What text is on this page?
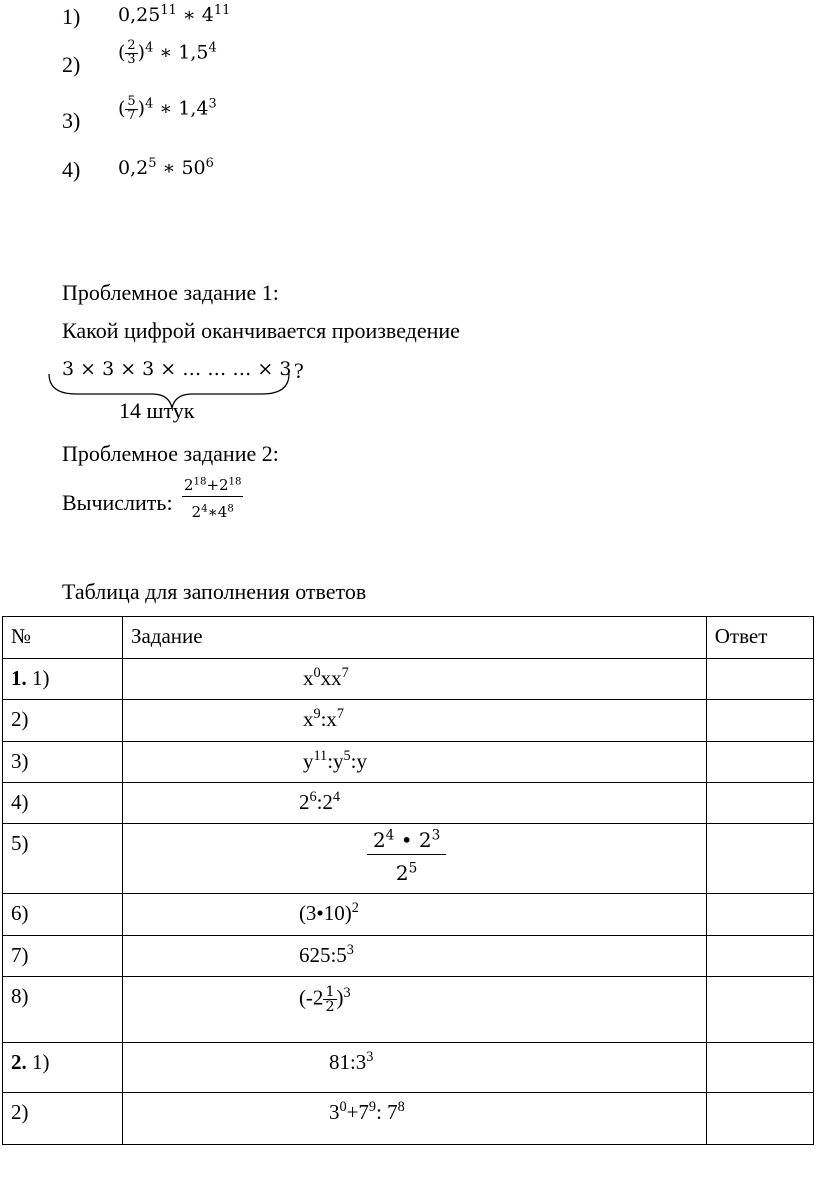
1) 0,25$^{11}$ ∗ $4^{11}$
2) ( $\frac{2}{3} )^4$ ∗ $1,5^4$
3) ( $\frac{5}{7} )^4$ ∗ $1,4^3$
4) $0,2^5$ ∗ $50^6$
Проблемное задание 1:
Какой цифрой оканчивается произведение
3 × 3 × 3 × … … … × 3 ?
14 штук
Проблемное задание 2:
Вычислить: $\frac{2^{18}+2^{18}}{2^4∗4^8}$
Таблица для заполнения ответов
№	Задание	Ответ
1. 1)	$x^0xx^7$	
2)	$x^9:x^7$	
3)	$y^{11}:y^5:y$	
4)	$2^6:2^4$	
5)	$\frac{2^4 • 2^3}{2^5}$

6)	(3•10)$^2$	
7)	$625:5^3$	
8)	$(-2 \frac{1}{2} )^3$	
2. 1)	$81:3^3$	
2)	$3^0+7^9$: $7^8$	
